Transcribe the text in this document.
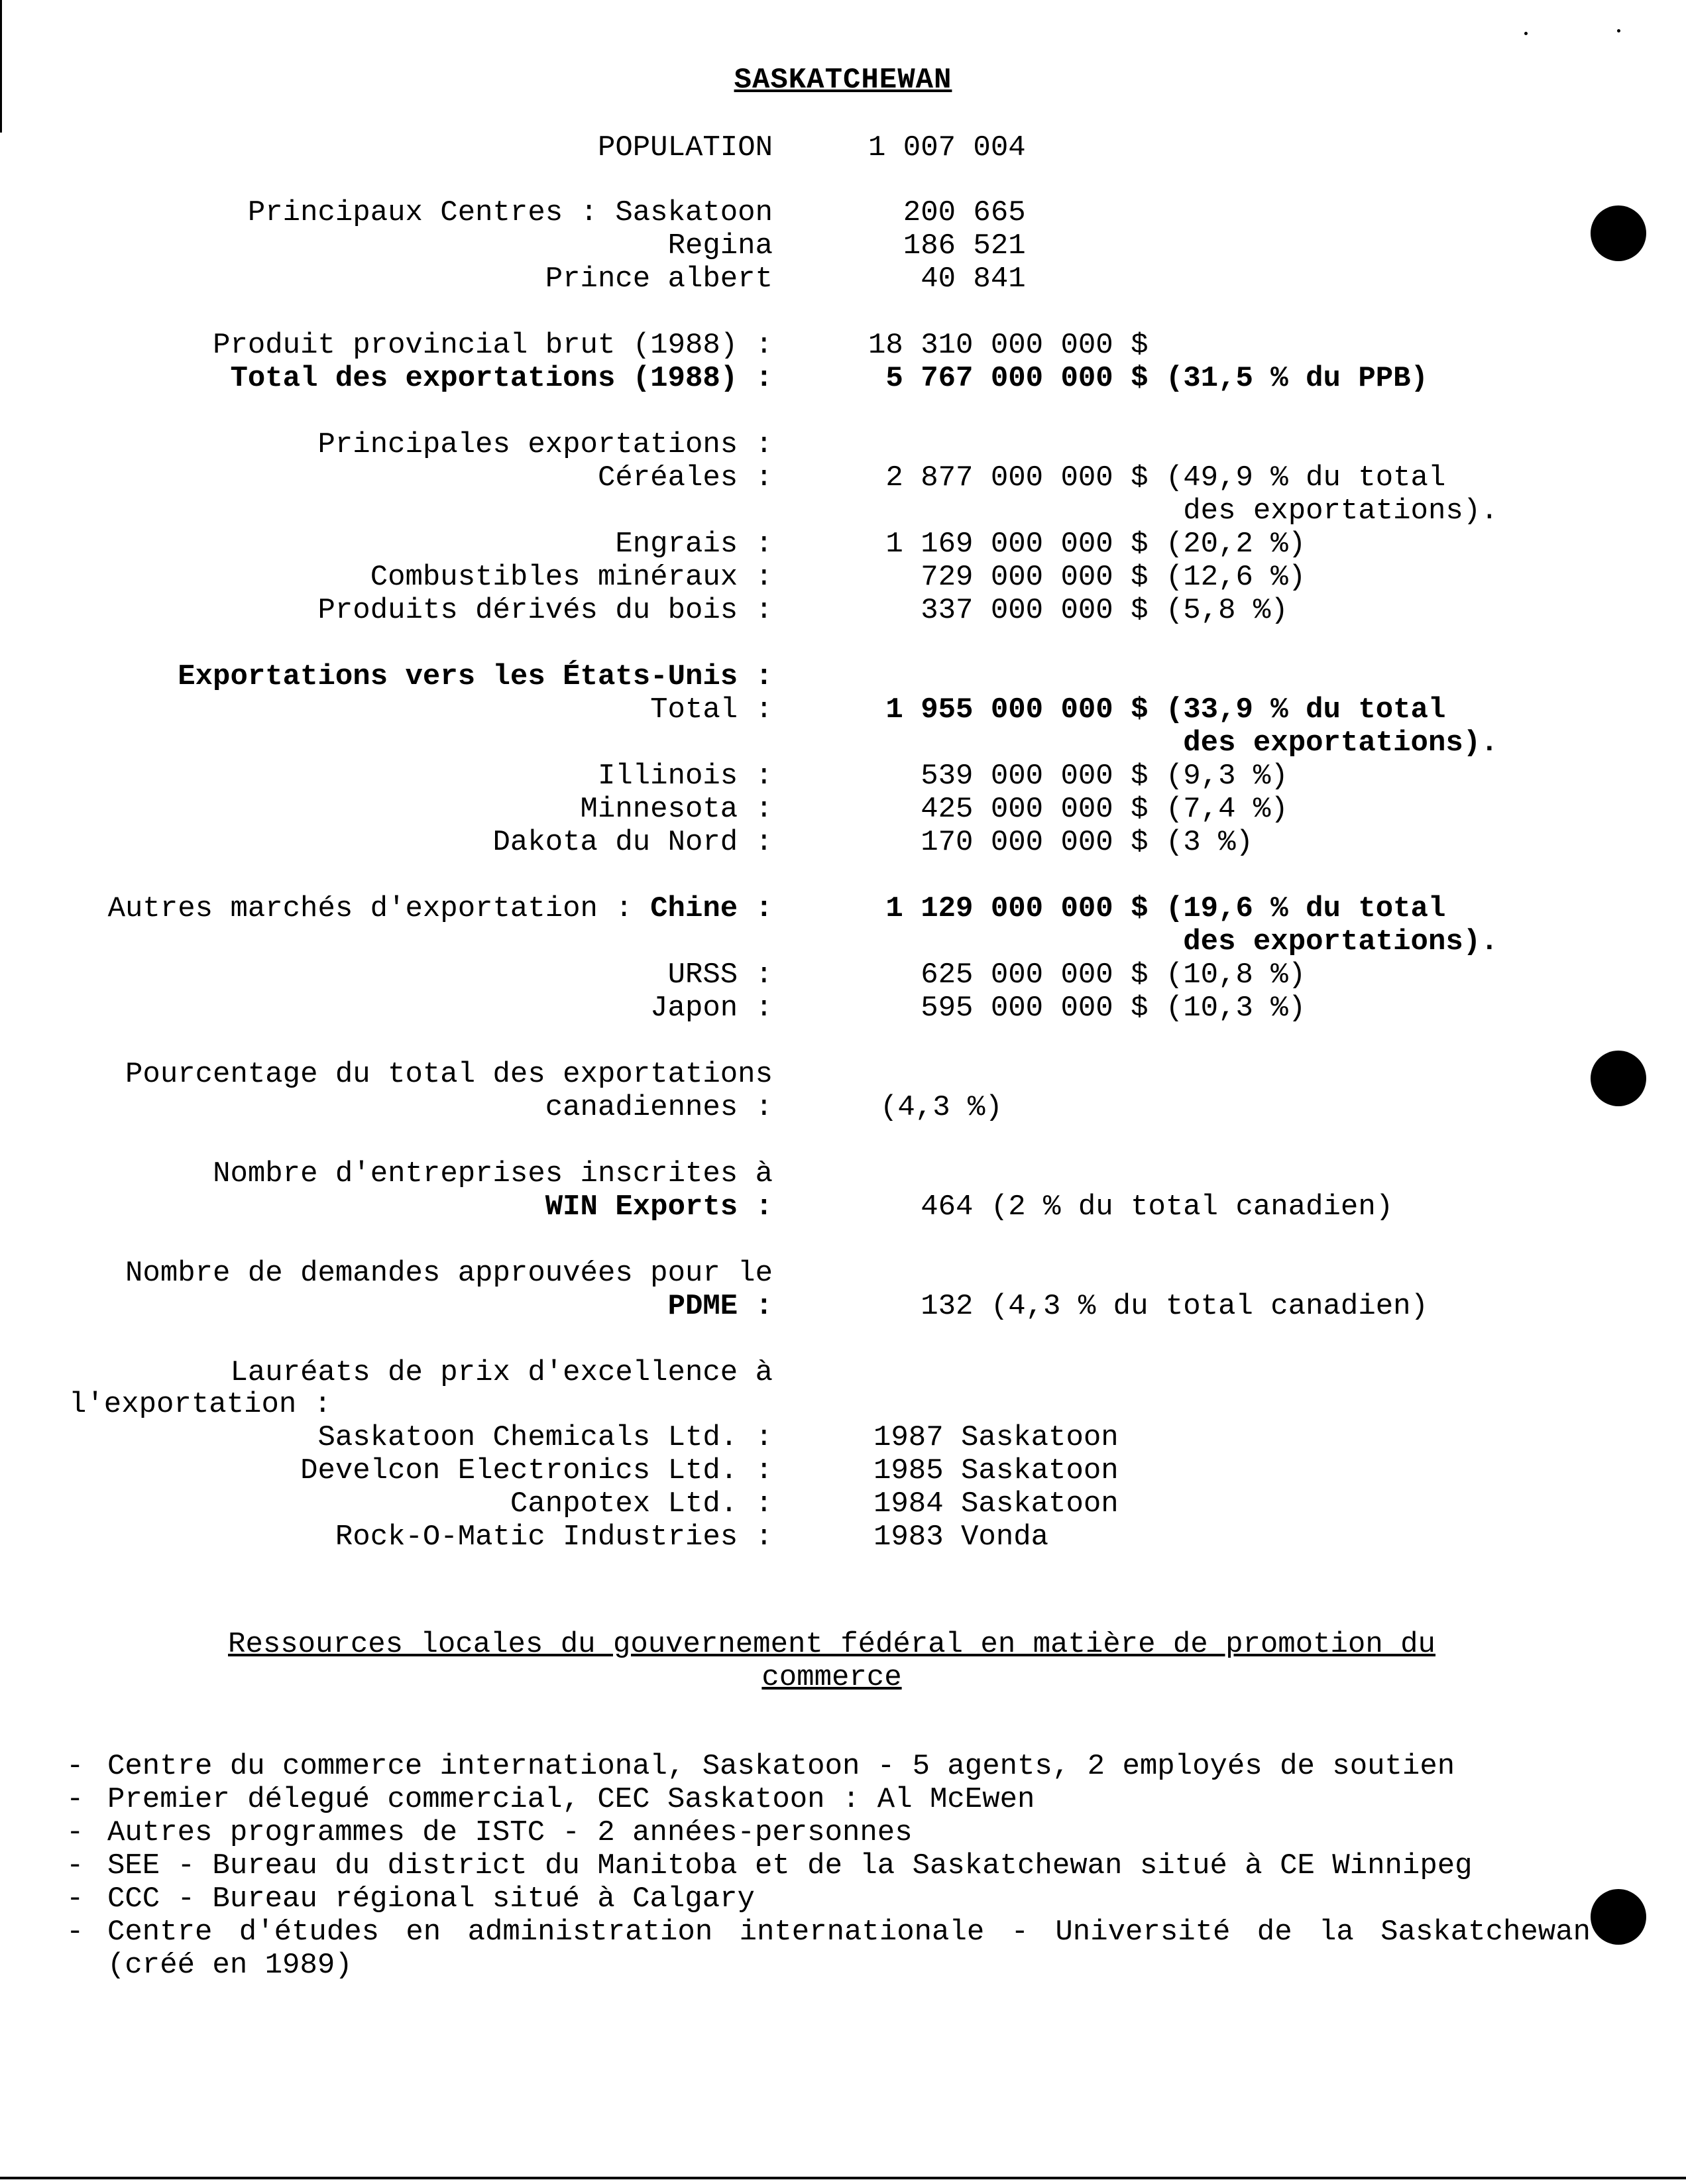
SASKATCHEWAN
POPULATION	1 007 004
Principaux Centres : Saskatoon	200 665
Regina	186 521
Prince albert	40 841
Produit provincial brut (1988) :	18 310 000 000 $
Total des exportations (1988) :	5 767 000 000 $ (31,5 % du PPB)
Principales exportations :
Céréales :	2 877 000 000 $ (49,9 % du total
des exportations).
Engrais :	1 169 000 000 $ (20,2 %)
Combustibles minéraux :	729 000 000 $ (12,6 %)
Produits dérivés du bois :	337 000 000 $ (5,8 %)
Exportations vers les États-Unis :
Total :	1 955 000 000 $ (33,9 % du total
des exportations).
Illinois :	539 000 000 $ (9,3 %)
Minnesota :	425 000 000 $ (7,4 %)
Dakota du Nord :	170 000 000 $ (3 %)
Autres marchés d'exportation : Chine :	1 129 000 000 $ (19,6 % du total
des exportations).
URSS :	625 000 000 $ (10,8 %)
Japon :	595 000 000 $ (10,3 %)
Pourcentage du total des exportations
canadiennes :	(4,3 %)
Nombre d'entreprises inscrites à
WIN Exports :	464 (2 % du total canadien)
Nombre de demandes approuvées pour le
PDME :	132 (4,3 % du total canadien)
Lauréats de prix d'excellence à
l'exportation :
Saskatoon Chemicals Ltd. :	1987 Saskatoon
Develcon Electronics Ltd. :	1985 Saskatoon
Canpotex Ltd. :	1984 Saskatoon
Rock-O-Matic Industries :	1983 Vonda
Ressources locales du gouvernement fédéral en matière de promotion du commerce
- Centre du commerce international, Saskatoon - 5 agents, 2 employés de soutien
- Premier délegué commercial, CEC Saskatoon : Al McEwen
- Autres programmes de ISTC - 2 années-personnes
- SEE - Bureau du district du Manitoba et de la Saskatchewan situé à CE Winnipeg
- CCC - Bureau régional situé à Calgary
- Centre d'études en administration internationale - Université de la Saskatchewan (créé en 1989)
